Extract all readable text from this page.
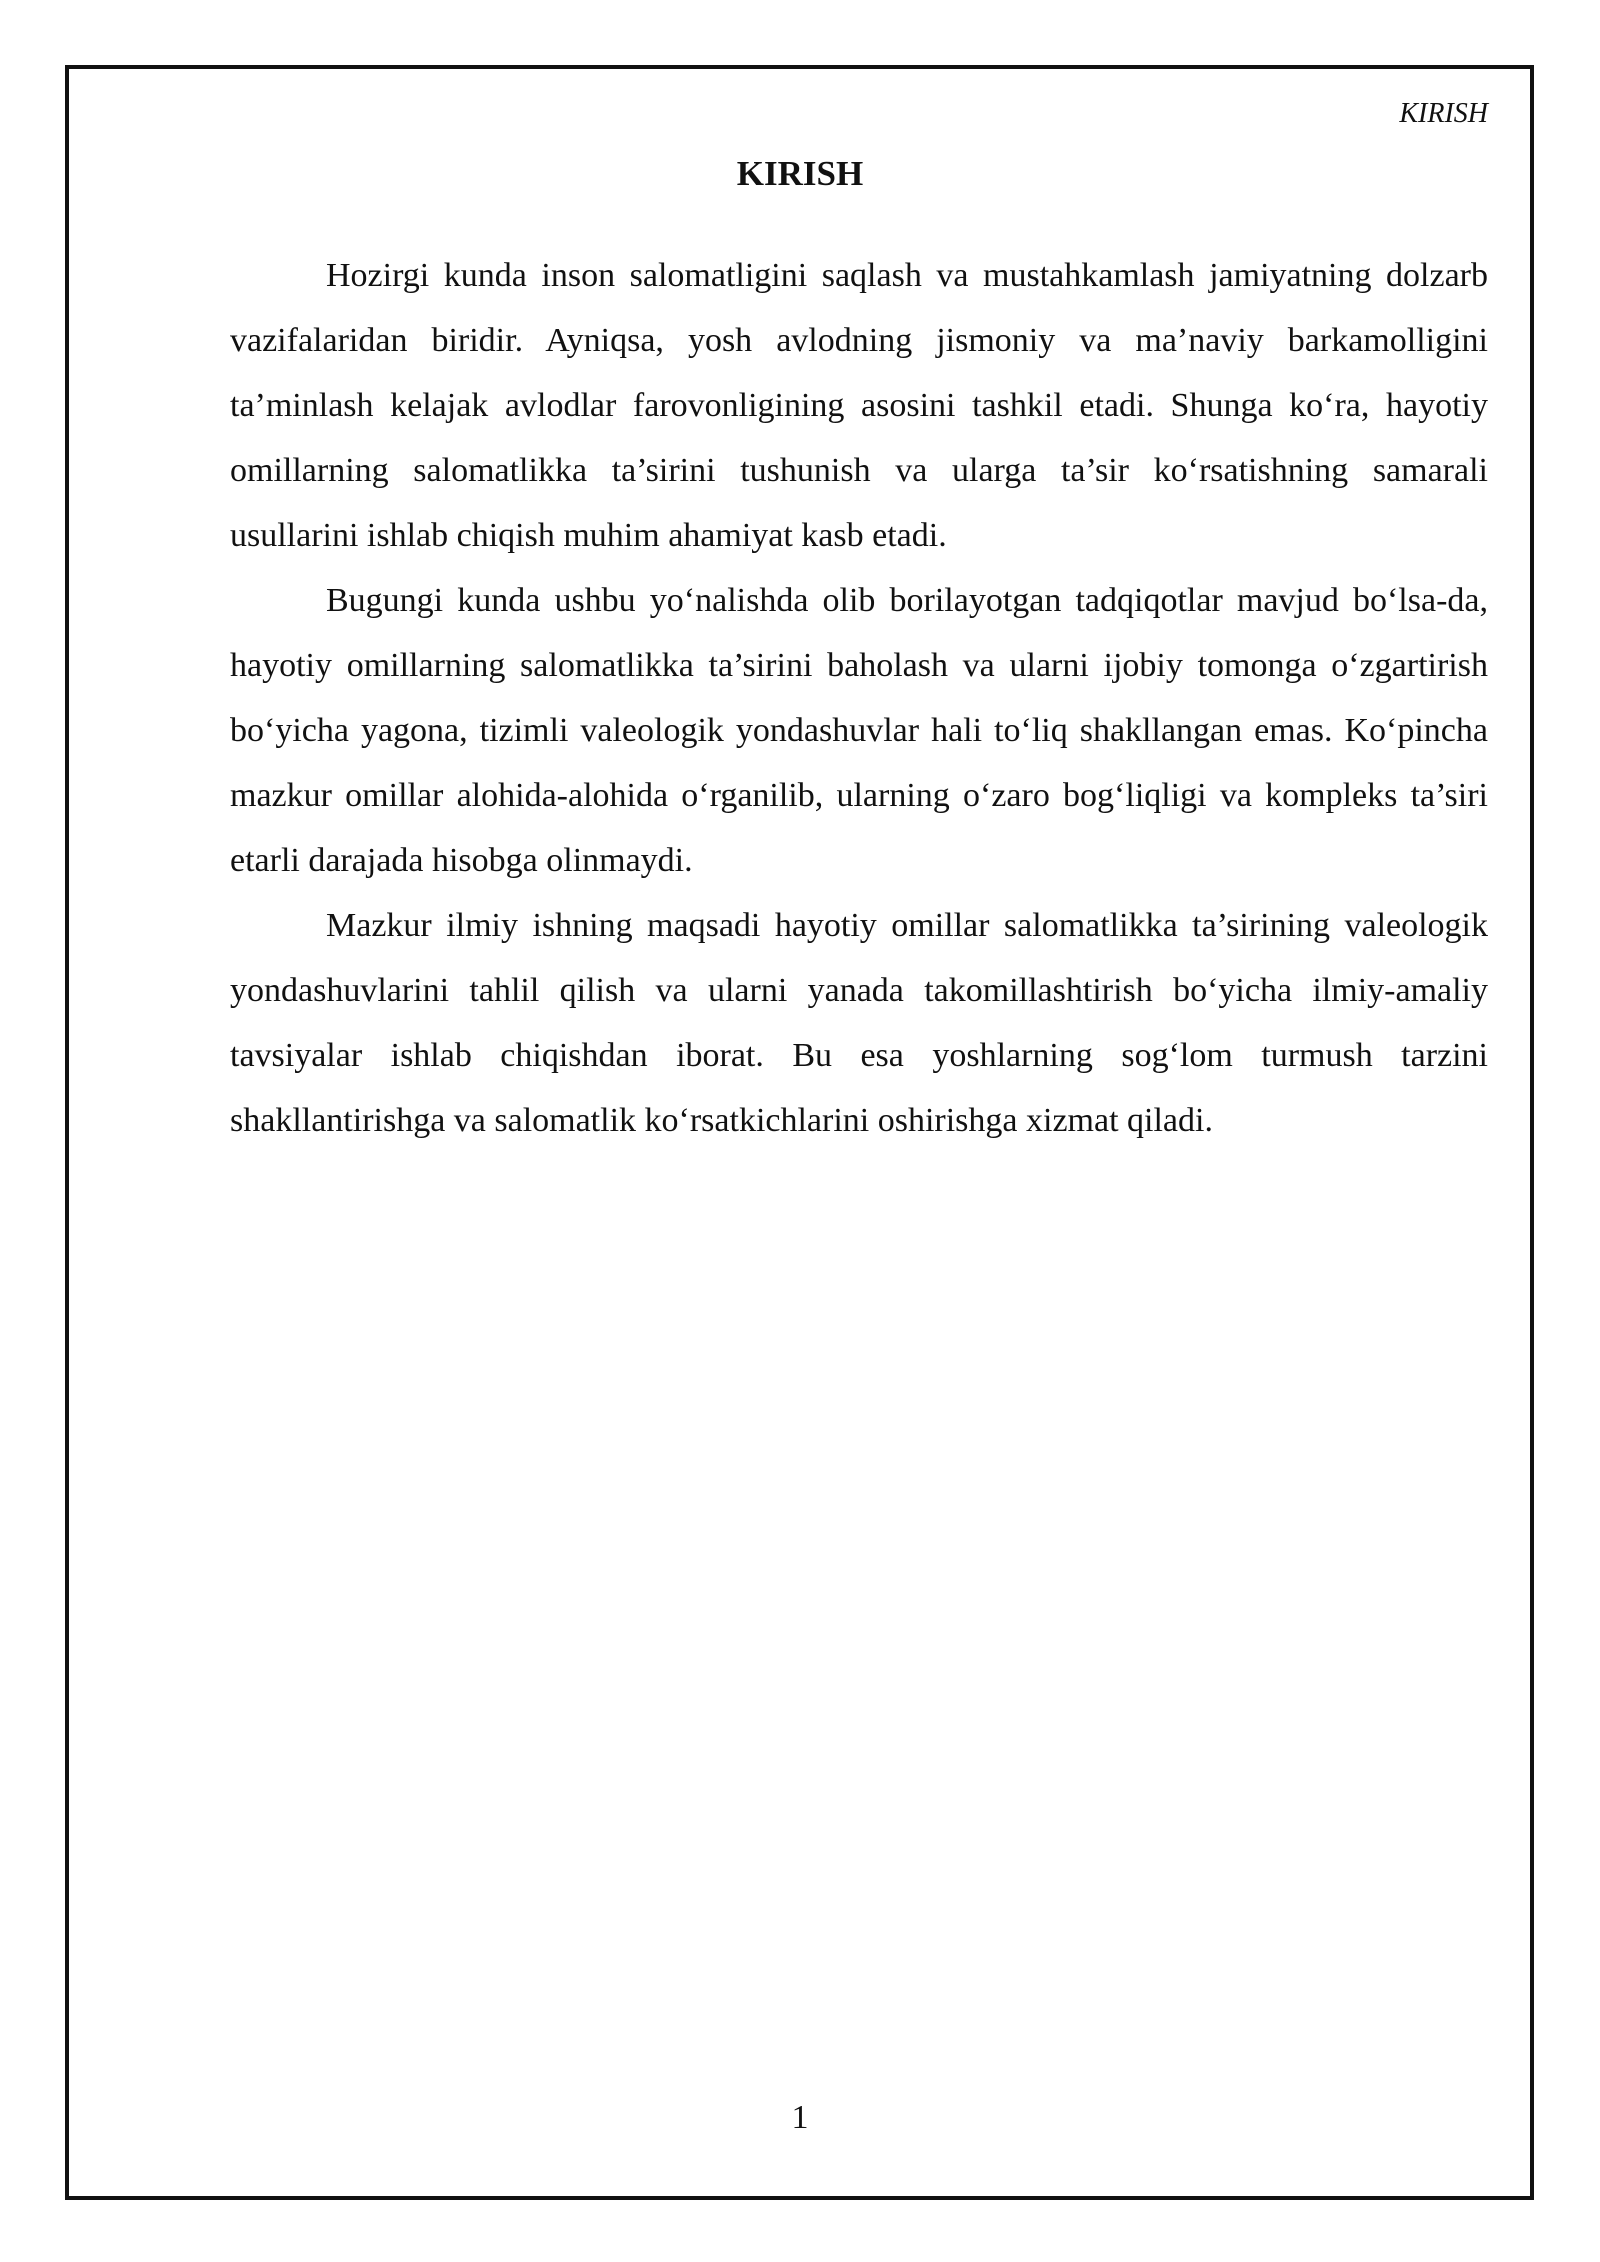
KIRISH
KIRISH

Hozirgi kunda inson salomatligini saqlash va mustahkamlash jamiyatning dolzarb vazifalaridan biridir. Ayniqsa, yosh avlodning jismoniy va ma’naviy barkamolligini ta’minlash kelajak avlodlar farovonligining asosini tashkil etadi. Shunga ko‘ra, hayotiy omillarning salomatlikka ta’sirini tushunish va ularga ta’sir ko‘rsatishning samarali usullarini ishlab chiqish muhim ahamiyat kasb etadi.

Bugungi kunda ushbu yo‘nalishda olib borilayotgan tadqiqotlar mavjud bo‘lsa-da, hayotiy omillarning salomatlikka ta’sirini baholash va ularni ijobiy tomonga o‘zgartirish bo‘yicha yagona, tizimli valeologik yondashuvlar hali to‘liq shakllangan emas. Ko‘pincha mazkur omillar alohida-alohida o‘rganilib, ularning o‘zaro bog‘liqligi va kompleks ta’siri etarli darajada hisobga olinmaydi.

Mazkur ilmiy ishning maqsadi hayotiy omillar salomatlikka ta’sirining valeologik yondashuvlarini tahlil qilish va ularni yanada takomillashtirish bo‘yicha ilmiy-amaliy tavsiyalar ishlab chiqishdan iborat. Bu esa yoshlarning sog‘lom turmush tarzini shakllantirishga va salomatlik ko‘rsatkichlarini oshirishga xizmat qiladi.

1
